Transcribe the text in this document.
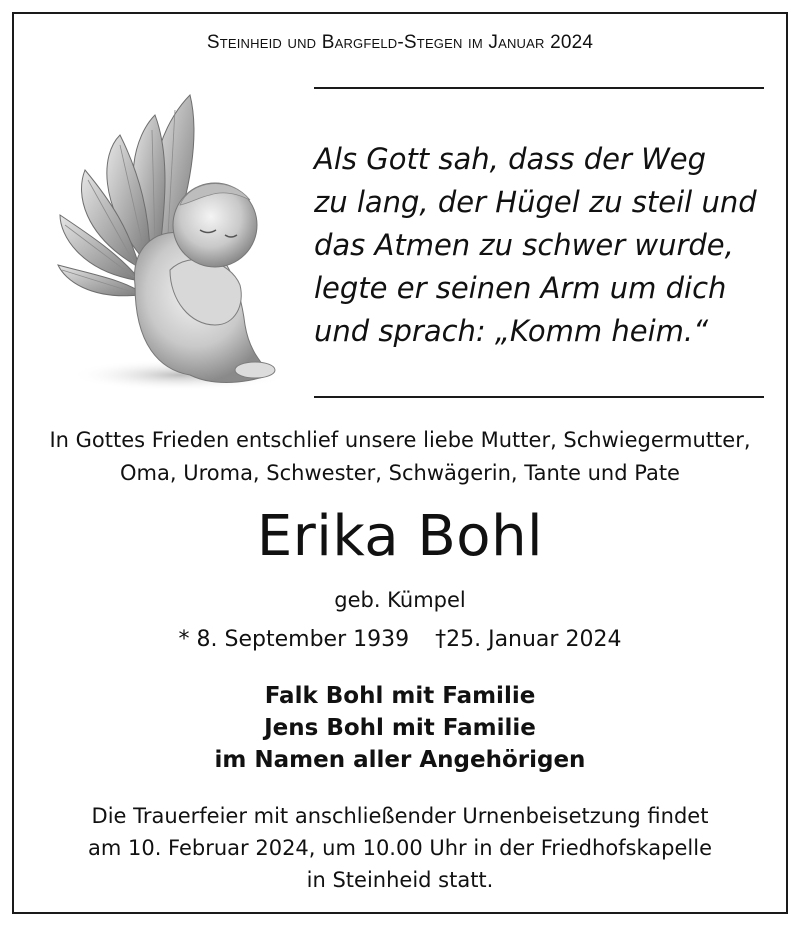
Steinheid und Bargfeld-Stegen im Januar 2024
Als Gott sah, dass der Weg
zu lang, der Hügel zu steil und
das Atmen zu schwer wurde,
legte er seinen Arm um dich
und sprach: „Komm heim.“
In Gottes Frieden entschlief unsere liebe Mutter, Schwiegermutter,
Oma, Uroma, Schwester, Schwägerin, Tante und Pate
Erika Bohl
geb. Kümpel
* 8. September 1939 †25. Januar 2024
Falk Bohl mit Familie
Jens Bohl mit Familie
im Namen aller Angehörigen
Die Trauerfeier mit anschließender Urnenbeisetzung findet
am 10. Februar 2024, um 10.00 Uhr in der Friedhofskapelle
in Steinheid statt.
